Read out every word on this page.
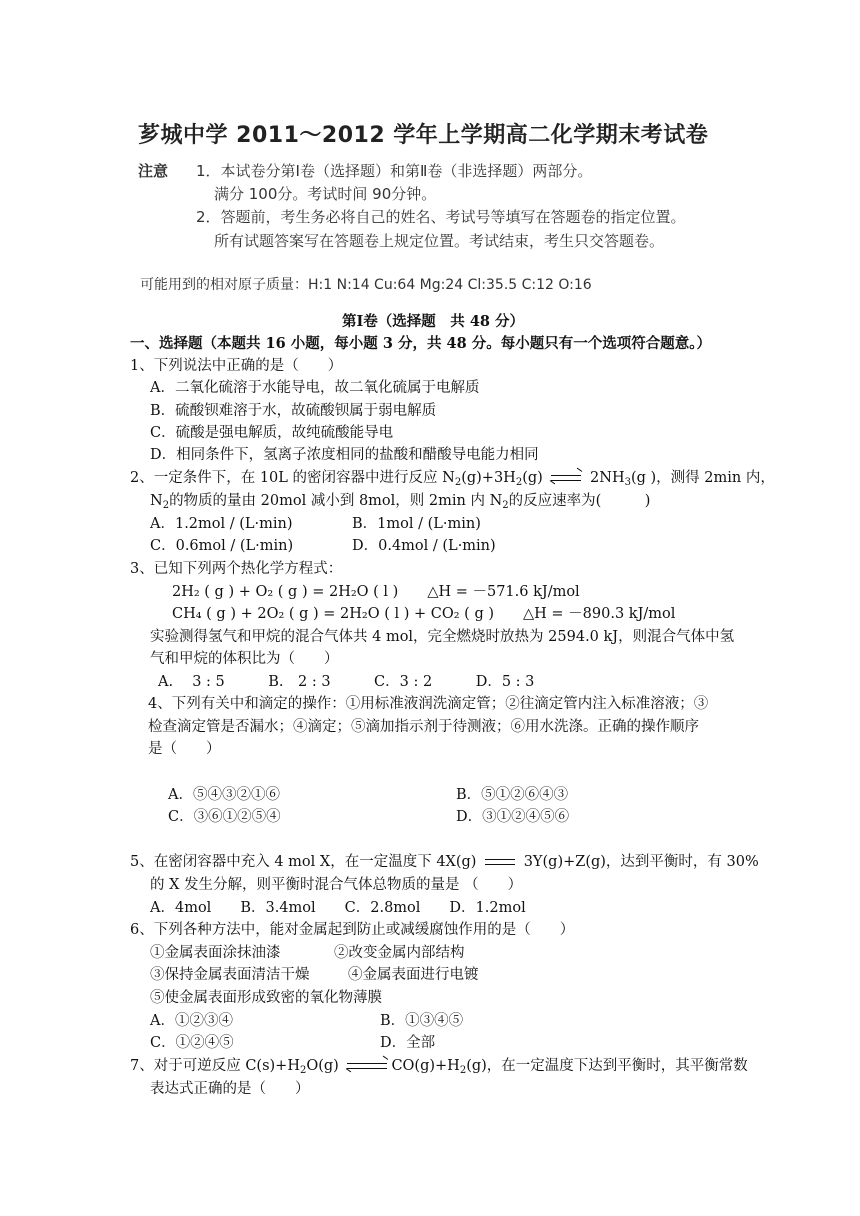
芗城中学 2011～2012 学年上学期高二化学期末考试卷
注意 1．本试卷分第Ⅰ卷（选择题）和第Ⅱ卷（非选择题）两部分。
满分 100分。考试时间 90分钟。
2．答题前，考生务必将自己的姓名、考试号等填写在答题卷的指定位置。
所有试题答案写在答题卷上规定位置。考试结束，考生只交答题卷。
可能用到的相对原子质量：H:1 N:14 Cu:64 Mg:24 Cl:35.5 C:12 O:16
第Ⅰ卷（选择题　共 48 分）
一、选择题（本题共 16 小题，每小题 3 分，共 48 分。每小题只有一个选项符合题意。）
1、下列说法中正确的是（　　）
A．二氧化硫溶于水能导电，故二氧化硫属于电解质
B．硫酸钡难溶于水，故硫酸钡属于弱电解质
C．硫酸是强电解质，故纯硫酸能导电
D．相同条件下，氢离子浓度相同的盐酸和醋酸导电能力相同
2、一定条件下，在 10L 的密闭容器中进行反应 $N_2(g)+3H_2(g)$ ⇌ $2NH_3(g$ )，测得 2min 内，
$N_2$的物质的量由 20mol 减小到 8mol，则 2min 内 $N_2$的反应速率为(　　　)
A．1.2mol / (L·min)	B．1mol / (L·min)
C．0.6mol / (L·min)	D．0.4mol / (L·min)
3、已知下列两个热化学方程式：
2H₂ ( g ) + O₂ ( g ) = 2H₂O ( l )　　△H = －571.6 kJ/mol
CH₄ ( g ) + 2O₂ ( g ) = 2H₂O ( l ) + CO₂ ( g )　　△H = －890.3 kJ/mol
实验测得氢气和甲烷的混合气体共 4 mol，完全燃烧时放热为 2594.0 kJ，则混合气体中氢
气和甲烷的体积比为（　　）
A.　 3 : 5　　　B.　2 : 3　　　C．3 : 2　　　D．5 : 3
4、下列有关中和滴定的操作：①用标准液润洗滴定管；②往滴定管内注入标准溶液；③
检查滴定管是否漏水；④滴定；⑤滴加指示剂于待测液；⑥用水洗涤。正确的操作顺序
是（　　）
A．⑤④③②①⑥	B．⑤①②⑥④③
C．③⑥①②⑤④	D．③①②④⑤⑥
5、在密闭容器中充入 4 mol X，在一定温度下 4X(g)	3Y(g)+Z(g)，达到平衡时，有 30%
的 X 发生分解，则平衡时混合气体总物质的量是 （　　）
A．4mol　　B．3.4mol　　C．2.8mol　　D．1.2mol
6、下列各种方法中，能对金属起到防止或减缓腐蚀作用的是（　　）
①金属表面涂抹油漆	②改变金属内部结构
③保持金属表面清洁干燥	④金属表面进行电镀
⑤使金属表面形成致密的氧化物薄膜
A．①②③④	B．①③④⑤
C．①②④⑤	D．全部
7、对于可逆反应 $C(s)+H_2O(g)$ ⇌ $CO(g)+H_2(g)$，在一定温度下达到平衡时，其平衡常数
表达式正确的是（　　）
